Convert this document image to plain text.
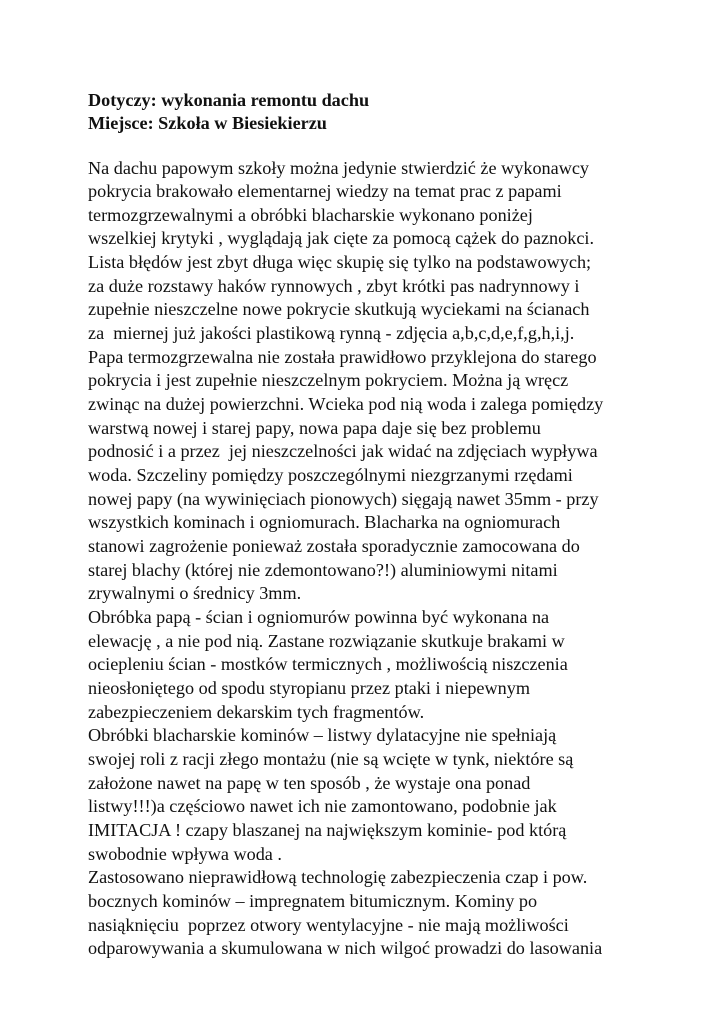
Dotyczy: wykonania remontu dachu
Miejsce: Szkoła w Biesiekierzu
Na dachu papowym szkoły można jedynie stwierdzić że wykonawcy
pokrycia brakowało elementarnej wiedzy na temat prac z papami
termozgrzewalnymi a obróbki blacharskie wykonano poniżej
wszelkiej krytyki , wyglądają jak cięte za pomocą cążek do paznokci.
Lista błędów jest zbyt długa więc skupię się tylko na podstawowych;
za duże rozstawy haków rynnowych , zbyt krótki pas nadrynnowy i
zupełnie nieszczelne nowe pokrycie skutkują wyciekami na ścianach
za  miernej już jakości plastikową rynną - zdjęcia a,b,c,d,e,f,g,h,i,j.
Papa termozgrzewalna nie została prawidłowo przyklejona do starego
pokrycia i jest zupełnie nieszczelnym pokryciem. Można ją wręcz
zwinąc na dużej powierzchni. Wcieka pod nią woda i zalega pomiędzy
warstwą nowej i starej papy, nowa papa daje się bez problemu
podnosić i a przez  jej nieszczelności jak widać na zdjęciach wypływa
woda. Szczeliny pomiędzy poszczególnymi niezgrzanymi rzędami
nowej papy (na wywinięciach pionowych) sięgają nawet 35mm - przy
wszystkich kominach i ogniomurach. Blacharka na ogniomurach
stanowi zagrożenie ponieważ została sporadycznie zamocowana do
starej blachy (której nie zdemontowano?!) aluminiowymi nitami
zrywalnymi o średnicy 3mm.
Obróbka papą - ścian i ogniomurów powinna być wykonana na
elewację , a nie pod nią. Zastane rozwiązanie skutkuje brakami w
ociepleniu ścian - mostków termicznych , możliwością niszczenia
nieosłoniętego od spodu styropianu przez ptaki i niepewnym
zabezpieczeniem dekarskim tych fragmentów.
Obróbki blacharskie kominów – listwy dylatacyjne nie spełniają
swojej roli z racji złego montażu (nie są wcięte w tynk, niektóre są
założone nawet na papę w ten sposób , że wystaje ona ponad
listwy!!!)a częściowo nawet ich nie zamontowano, podobnie jak
IMITACJA ! czapy blaszanej na największym kominie- pod którą
swobodnie wpływa woda .
Zastosowano nieprawidłową technologię zabezpieczenia czap i pow.
bocznych kominów – impregnatem bitumicznym. Kominy po
nasiąknięciu  poprzez otwory wentylacyjne - nie mają możliwości
odparowywania a skumulowana w nich wilgoć prowadzi do lasowania
